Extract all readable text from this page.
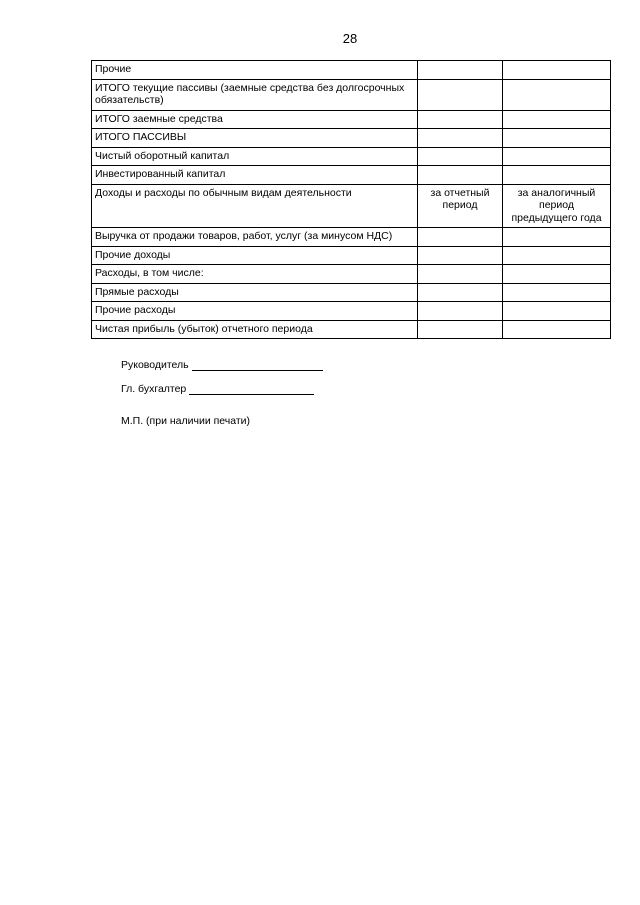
28
Прочие		
ИТОГО текущие пассивы (заемные средства без долгосрочных обязательств)		
ИТОГО заемные средства		
ИТОГО ПАССИВЫ		
Чистый оборотный капитал		
Инвестированный капитал		
Доходы и расходы по обычным видам деятельности	за отчетный период	за аналогичный период предыдущего года
Выручка от продажи товаров, работ, услуг (за минусом НДС)		
Прочие доходы		
Расходы, в том числе:		
Прямые расходы		
Прочие расходы		
Чистая прибыль (убыток) отчетного периода		
Руководитель
Гл. бухгалтер
М.П. (при наличии печати)
